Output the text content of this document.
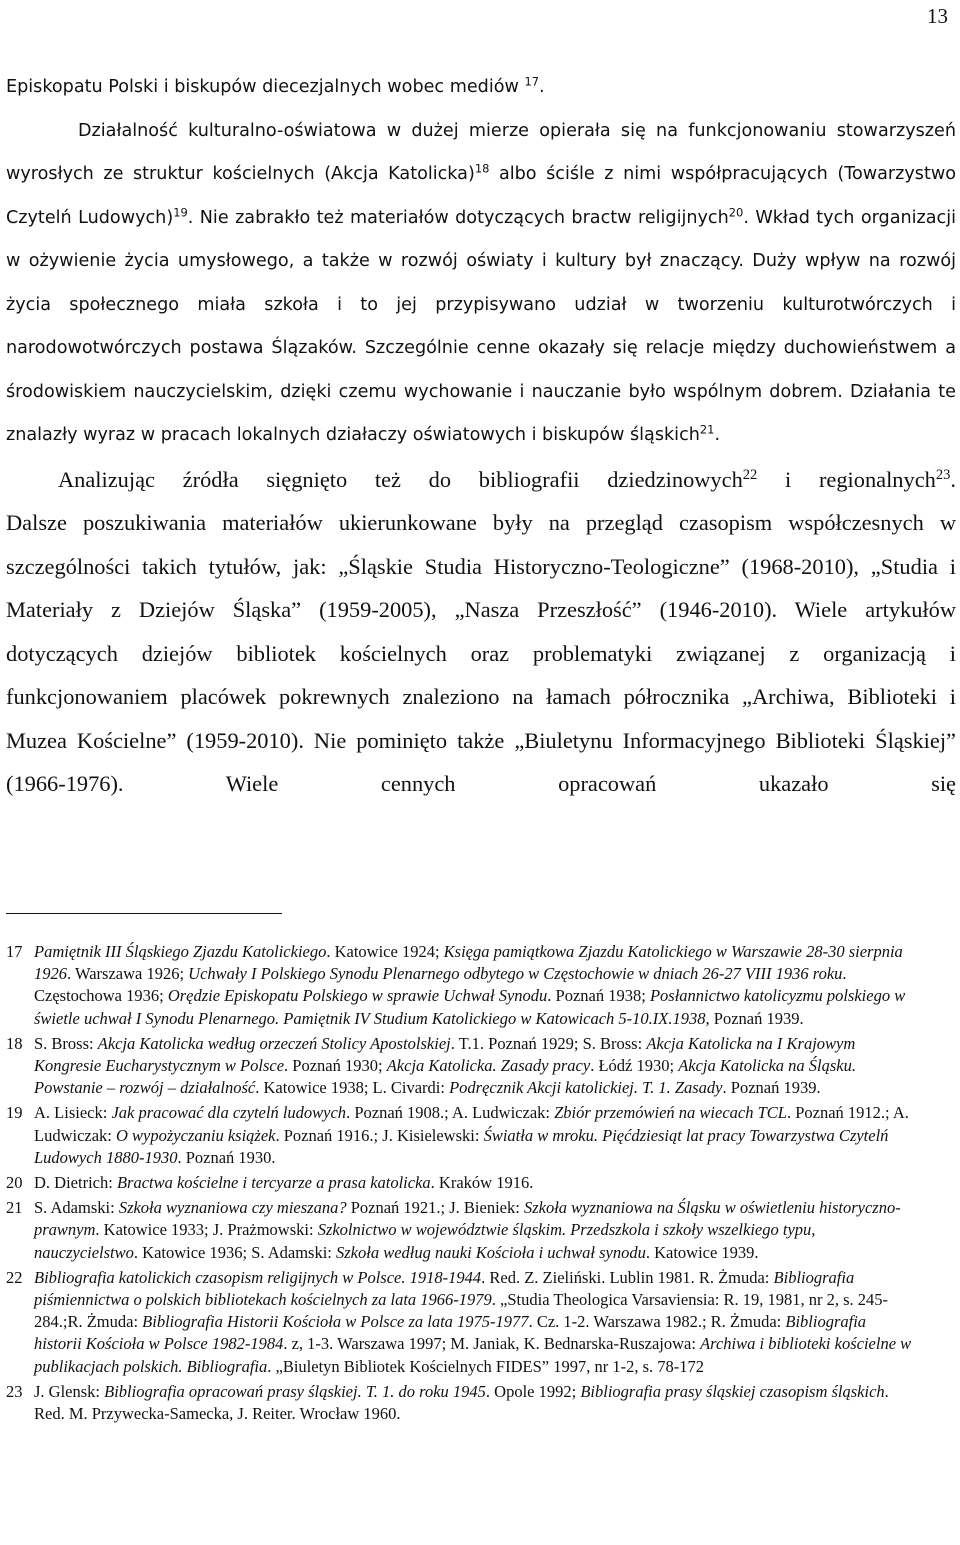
13

Episkopatu Polski i biskupów diecezjalnych wobec mediów $^{17}$.

Działalność kulturalno-oświatowa w dużej mierze opierała się na funkcjonowaniu stowarzyszeń wyrosłych ze struktur kościelnych (Akcja Katolicka)$^{18}$ albo ściśle z nimi współpracujących (Towarzystwo Czytelń Ludowych)$^{19}$. Nie zabrakło też materiałów dotyczących bractw religijnych$^{20}$. Wkład tych organizacji w ożywienie życia umysłowego, a także w rozwój oświaty i kultury był znaczący. Duży wpływ na rozwój życia społecznego miała szkoła i to jej przypisywano udział w tworzeniu kulturotwórczych i narodowotwórczych postawa Ślązaków. Szczególnie cenne okazały się relacje między duchowieństwem a środowiskiem nauczycielskim, dzięki czemu wychowanie i nauczanie było wspólnym dobrem. Działania te znalazły wyraz w pracach lokalnych działaczy oświatowych i biskupów śląskich$^{21}$.

Analizując źródła sięgnięto też do bibliografii dziedzinowych$^{22}$ i regionalnych$^{23}$.

Dalsze poszukiwania materiałów ukierunkowane były na przegląd czasopism współczesnych w szczególności takich tytułów, jak: „Śląskie Studia Historyczno-Teologiczne” (1968-2010), „Studia i Materiały z Dziejów Śląska” (1959-2005), „Nasza Przeszłość” (1946-2010). Wiele artykułów dotyczących dziejów bibliotek kościelnych oraz problematyki związanej z organizacją i funkcjonowaniem placówek pokrewnych znaleziono na łamach półrocznika „Archiwa, Biblioteki i Muzea Kościelne” (1959-2010). Nie pominięto także „Biuletynu Informacyjnego Biblioteki Śląskiej” (1966-1976). Wiele cennych opracowań ukazało się

17 Pamiętnik III Śląskiego Zjazdu Katolickiego. Katowice 1924; Księga pamiątkowa Zjazdu Katolickiego w Warszawie 28-30 sierpnia 1926. Warszawa 1926; Uchwały I Polskiego Synodu Plenarnego odbytego w Częstochowie w dniach 26-27 VIII 1936 roku. Częstochowa 1936; Orędzie Episkopatu Polskiego w sprawie Uchwał Synodu. Poznań 1938; Posłannictwo katolicyzmu polskiego w świetle uchwał I Synodu Plenarnego. Pamiętnik IV Studium Katolickiego w Katowicach 5-10.IX.1938, Poznań 1939.
18 S. Bross: Akcja Katolicka według orzeczeń Stolicy Apostolskiej. T.1. Poznań 1929; S. Bross: Akcja Katolicka na I Krajowym Kongresie Eucharystycznym w Polsce. Poznań 1930; Akcja Katolicka. Zasady pracy. Łódź 1930; Akcja Katolicka na Śląsku. Powstanie – rozwój – działalność. Katowice 1938; L. Civardi: Podręcznik Akcji katolickiej. T. 1. Zasady. Poznań 1939.
19 A. Lisieck: Jak pracować dla czytelń ludowych. Poznań 1908.; A. Ludwiczak: Zbiór przemówień na wiecach TCL. Poznań 1912.; A. Ludwiczak: O wypożyczaniu książek. Poznań 1916.; J. Kisielewski: Światła w mroku. Pięćdziesiąt lat pracy Towarzystwa Czytelń Ludowych 1880-1930. Poznań 1930.
20 D. Dietrich: Bractwa kościelne i tercyarze a prasa katolicka. Kraków 1916.
21 S. Adamski: Szkoła wyznaniowa czy mieszana? Poznań 1921.; J. Bieniek: Szkoła wyznaniowa na Śląsku w oświetleniu historyczno-prawnym. Katowice 1933; J. Prażmowski: Szkolnictwo w województwie śląskim. Przedszkola i szkoły wszelkiego typu, nauczycielstwo. Katowice 1936; S. Adamski: Szkoła według nauki Kościoła i uchwał synodu. Katowice 1939.
22 Bibliografia katolickich czasopism religijnych w Polsce. 1918-1944. Red. Z. Zieliński. Lublin 1981. R. Żmuda: Bibliografia piśmiennictwa o polskich bibliotekach kościelnych za lata 1966-1979. „Studia Theologica Varsaviensia: R. 19, 1981, nr 2, s. 245-284.;R. Żmuda: Bibliografia Historii Kościoła w Polsce za lata 1975-1977. Cz. 1-2. Warszawa 1982.; R. Żmuda: Bibliografia historii Kościoła w Polsce 1982-1984. z, 1-3. Warszawa 1997; M. Janiak, K. Bednarska-Ruszajowa: Archiwa i biblioteki kościelne w publikacjach polskich. Bibliografia. „Biuletyn Bibliotek Kościelnych FIDES” 1997, nr 1-2, s. 78-172
23 J. Glensk: Bibliografia opracowań prasy śląskiej. T. 1. do roku 1945. Opole 1992; Bibliografia prasy śląskiej czasopism śląskich. Red. M. Przywecka-Samecka, J. Reiter. Wrocław 1960.
